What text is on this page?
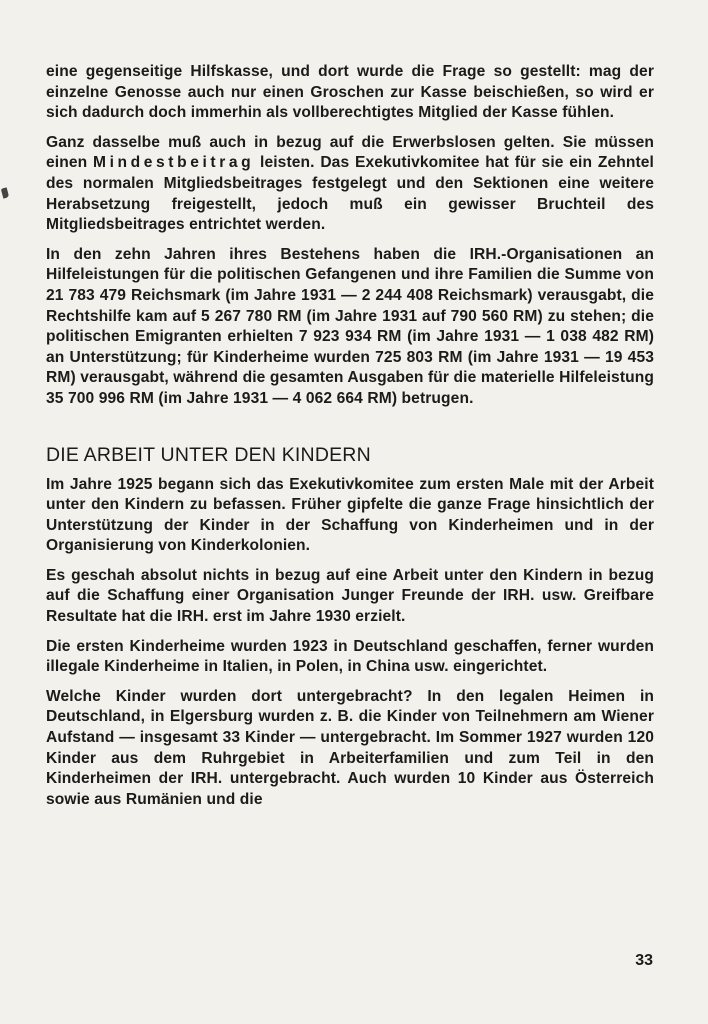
eine gegenseitige Hilfskasse, und dort wurde die Frage so gestellt: mag der einzelne Genosse auch nur einen Groschen zur Kasse beischießen, so wird er sich dadurch doch immerhin als vollberechtigtes Mitglied der Kasse fühlen.

Ganz dasselbe muß auch in bezug auf die Erwerbslosen gelten. Sie müssen einen Mindestbeitrag leisten. Das Exekutivkomitee hat für sie ein Zehntel des normalen Mitgliedsbeitrages festgelegt und den Sektionen eine weitere Herabsetzung freigestellt, jedoch muß ein gewisser Bruchteil des Mitgliedsbeitrages entrichtet werden.

In den zehn Jahren ihres Bestehens haben die IRH.-Organisationen an Hilfeleistungen für die politischen Gefangenen und ihre Familien die Summe von 21 783 479 Reichsmark (im Jahre 1931 — 2 244 408 Reichsmark) verausgabt, die Rechtshilfe kam auf 5 267 780 RM (im Jahre 1931 auf 790 560 RM) zu stehen; die politischen Emigranten erhielten 7 923 934 RM (im Jahre 1931 — 1 038 482 RM) an Unterstützung; für Kinderheime wurden 725 803 RM (im Jahre 1931 — 19 453 RM) verausgabt, während die gesamten Ausgaben für die materielle Hilfeleistung 35 700 996 RM (im Jahre 1931 — 4 062 664 RM) betrugen.

DIE ARBEIT UNTER DEN KINDERN

Im Jahre 1925 begann sich das Exekutivkomitee zum ersten Male mit der Arbeit unter den Kindern zu befassen. Früher gipfelte die ganze Frage hinsichtlich der Unterstützung der Kinder in der Schaffung von Kinderheimen und in der Organisierung von Kinderkolonien.

Es geschah absolut nichts in bezug auf eine Arbeit unter den Kindern in bezug auf die Schaffung einer Organisation Junger Freunde der IRH. usw. Greifbare Resultate hat die IRH. erst im Jahre 1930 erzielt.

Die ersten Kinderheime wurden 1923 in Deutschland geschaffen, ferner wurden illegale Kinderheime in Italien, in Polen, in China usw. eingerichtet.

Welche Kinder wurden dort untergebracht? In den legalen Heimen in Deutschland, in Elgersburg wurden z. B. die Kinder von Teilnehmern am Wiener Aufstand — insgesamt 33 Kinder — untergebracht. Im Sommer 1927 wurden 120 Kinder aus dem Ruhrgebiet in Arbeiterfamilien und zum Teil in den Kinderheimen der IRH. untergebracht. Auch wurden 10 Kinder aus Österreich sowie aus Rumänien und die

33
